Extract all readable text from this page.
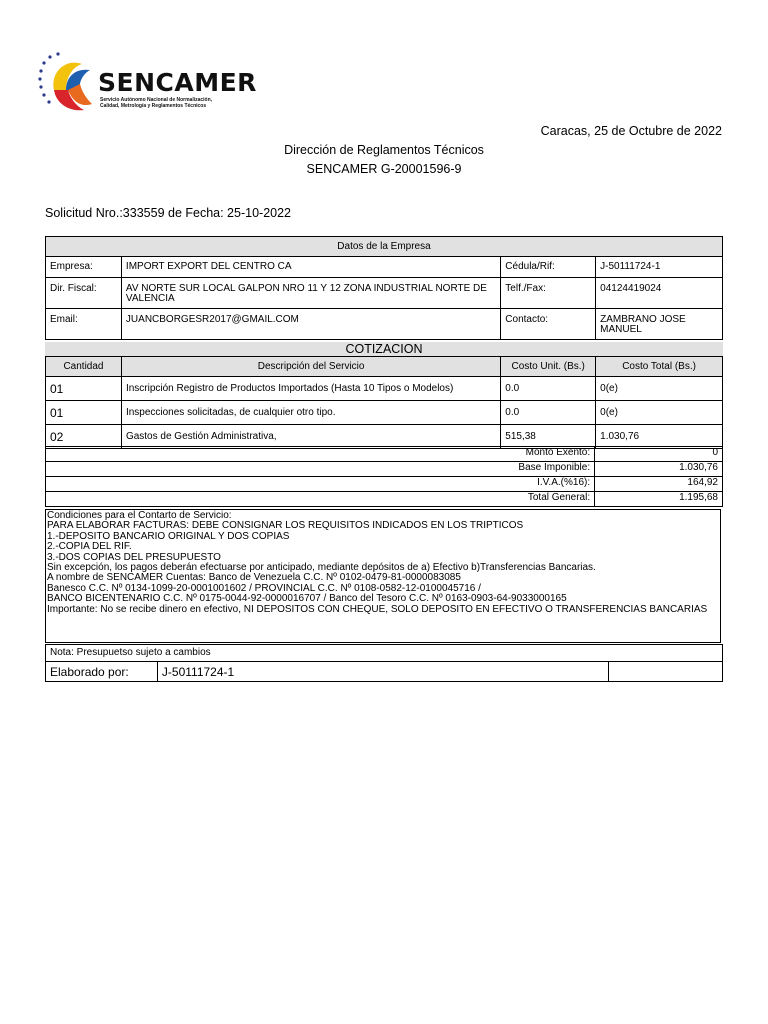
SENCAMER
Servicio Autónomo Nacional de Normalización,
Calidad, Metrología y Reglamentos Técnicos
Caracas, 25 de Octubre de 2022
Dirección de Reglamentos Técnicos
SENCAMER G-20001596-9
Solicitud Nro.:333559 de Fecha: 25-10-2022
Datos de la Empresa			
Empresa:	IMPORT EXPORT DEL CENTRO CA	Cédula/Rif:	J-50111724-1
Dir. Fiscal:	AV NORTE SUR LOCAL GALPON NRO 11 Y 12 ZONA INDUSTRIAL NORTE DE VALENCIA	Telf./Fax:	04124419024
Email:	JUANCBORGESR2017@GMAIL.COM	Contacto:	ZAMBRANO JOSE MANUEL
COTIZACION
Cantidad	Descripción del Servicio	Costo Unit. (Bs.)	Costo Total (Bs.)
01	Inscripción Registro de Productos Importados (Hasta 10 Tipos o Modelos)	0.0	0(e)
01	Inspecciones solicitadas, de cualquier otro tipo.	0.0	0(e)
02	Gastos de Gestión Administrativa,	515,38	1.030,76
Monto Exento:	0
Base Imponible:	1.030,76
I.V.A.(%16):	164,92
Total General:	1.195,68
Condiciones para el Contarto de Servicio:
PARA ELABORAR FACTURAS: DEBE CONSIGNAR LOS REQUISITOS INDICADOS EN LOS TRIPTICOS
1.-DEPOSITO BANCARIO ORIGINAL Y DOS COPIAS
2.-COPIA DEL RIF.
3.-DOS COPIAS DEL PRESUPUESTO
Sin excepción, los pagos deberán efectuarse por anticipado, mediante depósitos de a) Efectivo b)Transferencias Bancarias.
A nombre de SENCAMER Cuentas: Banco de Venezuela C.C. Nº 0102-0479-81-0000083085
Banesco C.C. Nº 0134-1099-20-0001001602 / PROVINCIAL C.C. Nº 0108-0582-12-0100045716 /
BANCO BICENTENARIO C.C. Nº 0175-0044-92-0000016707 / Banco del Tesoro C.C. Nº 0163-0903-64-9033000165
Importante: No se recibe dinero en efectivo, NI DEPOSITOS CON CHEQUE, SOLO DEPOSITO EN EFECTIVO O TRANSFERENCIAS BANCARIAS
Nota: Presupuetso sujeto a cambios
Elaborado por:	J-50111724-1	
